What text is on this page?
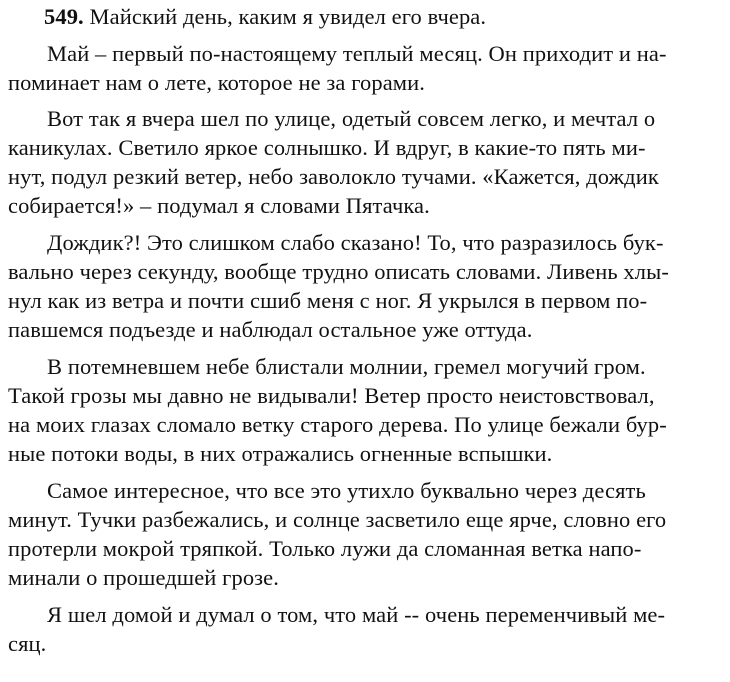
549. Майский день, каким я увидел его вчера.
Май – первый по-настоящему теплый месяц. Он приходит и на-
поминает нам о лете, которое не за горами.
Вот так я вчера шел по улице, одетый совсем легко, и мечтал о
каникулах. Светило яркое солнышко. И вдруг, в какие-то пять ми-
нут, подул резкий ветер, небо заволокло тучами. «Кажется, дождик
собирается!» – подумал я словами Пятачка.
Дождик?! Это слишком слабо сказано! То, что разразилось бук-
вально через секунду, вообще трудно описать словами. Ливень хлы-
нул как из ветра и почти сшиб меня с ног. Я укрылся в первом по-
павшемся подъезде и наблюдал остальное уже оттуда.
В потемневшем небе блистали молнии, гремел могучий гром.
Такой грозы мы давно не видывали! Ветер просто неистовствовал,
на моих глазах сломало ветку старого дерева. По улице бежали бур-
ные потоки воды, в них отражались огненные вспышки.
Самое интересное, что все это утихло буквально через десять
минут. Тучки разбежались, и солнце засветило еще ярче, словно его
протерли мокрой тряпкой. Только лужи да сломанная ветка напо-
минали о прошедшей грозе.
Я шел домой и думал о том, что май -- очень переменчивый ме-
сяц.
